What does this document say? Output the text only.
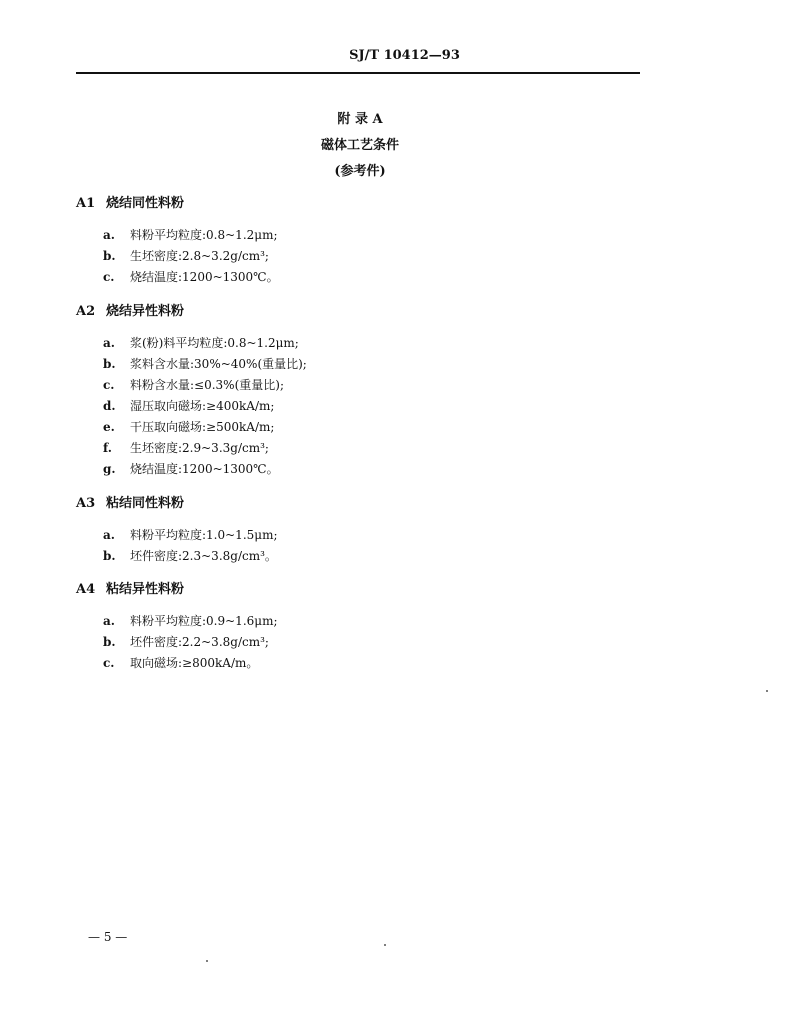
SJ/T 10412—93
附 录 A
磁体工艺条件
(参考件)
A1 烧结同性料粉
a. 料粉平均粒度:0.8~1.2μm;
b. 生坯密度:2.8~3.2g/cm³;
c. 烧结温度:1200~1300℃。
A2 烧结异性料粉
a. 浆(粉)料平均粒度:0.8~1.2μm;
b. 浆料含水量:30%~40%(重量比);
c. 料粉含水量:≤0.3%(重量比);
d. 湿压取向磁场:≥400kA/m;
e. 干压取向磁场:≥500kA/m;
f. 生坯密度:2.9~3.3g/cm³;
g. 烧结温度:1200~1300℃。
A3 粘结同性料粉
a. 料粉平均粒度:1.0~1.5μm;
b. 坯件密度:2.3~3.8g/cm³。
A4 粘结异性料粉
a. 料粉平均粒度:0.9~1.6μm;
b. 坯件密度:2.2~3.8g/cm³;
c. 取向磁场:≥800kA/m。
— 5 —
